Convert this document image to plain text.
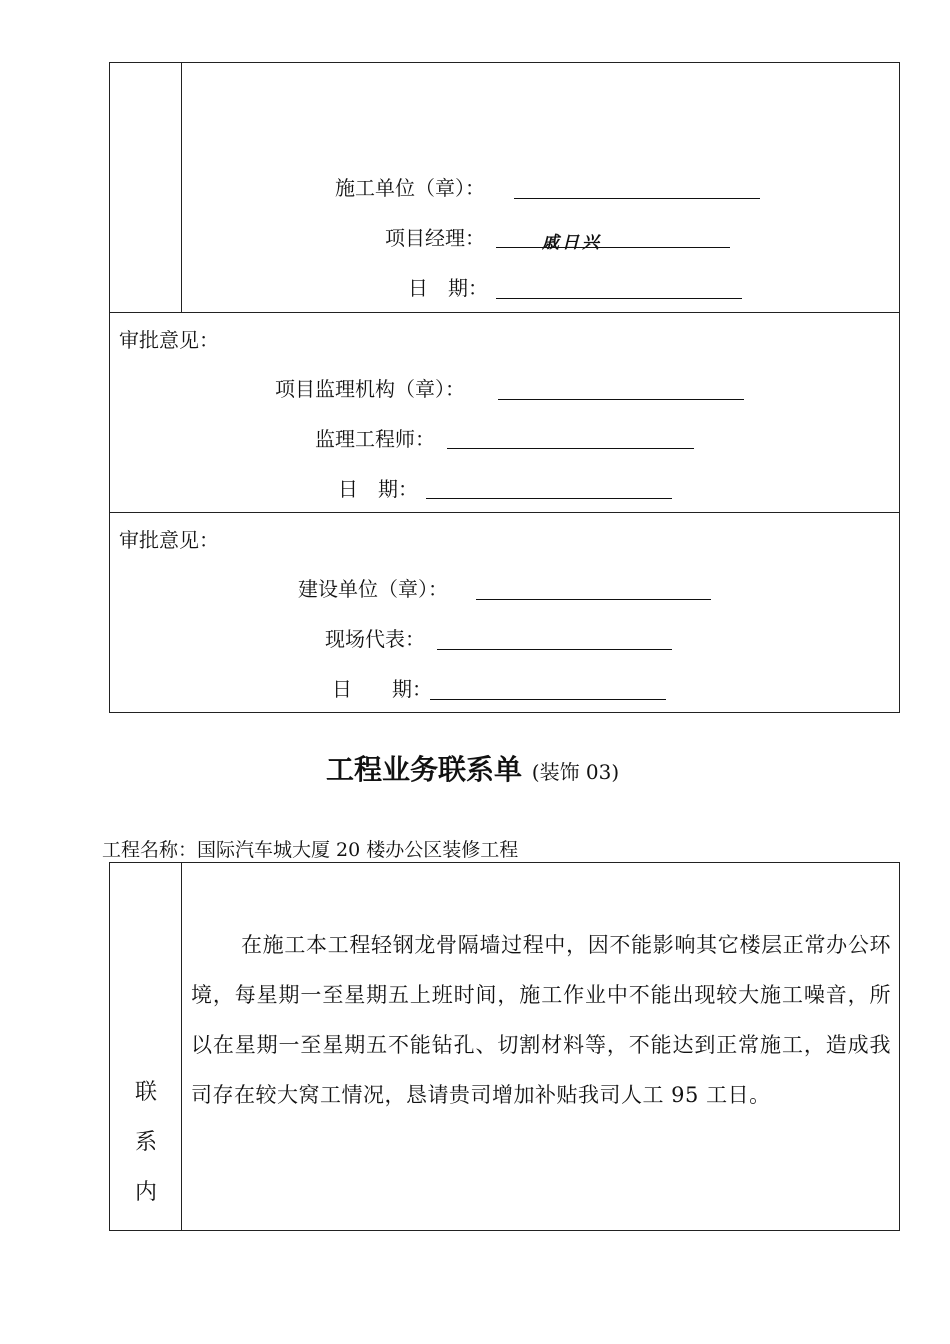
施工单位（章）：
项目经理：	戚日兴
日　期：
审批意见：
项目监理机构（章）：
监理工程师：
日　期：
审批意见：
建设单位（章）：
现场代表：
日　　期：
工程业务联系单 (装饰 03)
工程名称：国际汽车城大厦 20 楼办公区装修工程
联
系
内
在施工本工程轻钢龙骨隔墙过程中，因不能影响其它楼层正常办公环境，每星期一至星期五上班时间，施工作业中不能出现较大施工噪音，所以在星期一至星期五不能钻孔、切割材料等，不能达到正常施工，造成我司存在较大窝工情况，恳请贵司增加补贴我司人工 95 工日。
